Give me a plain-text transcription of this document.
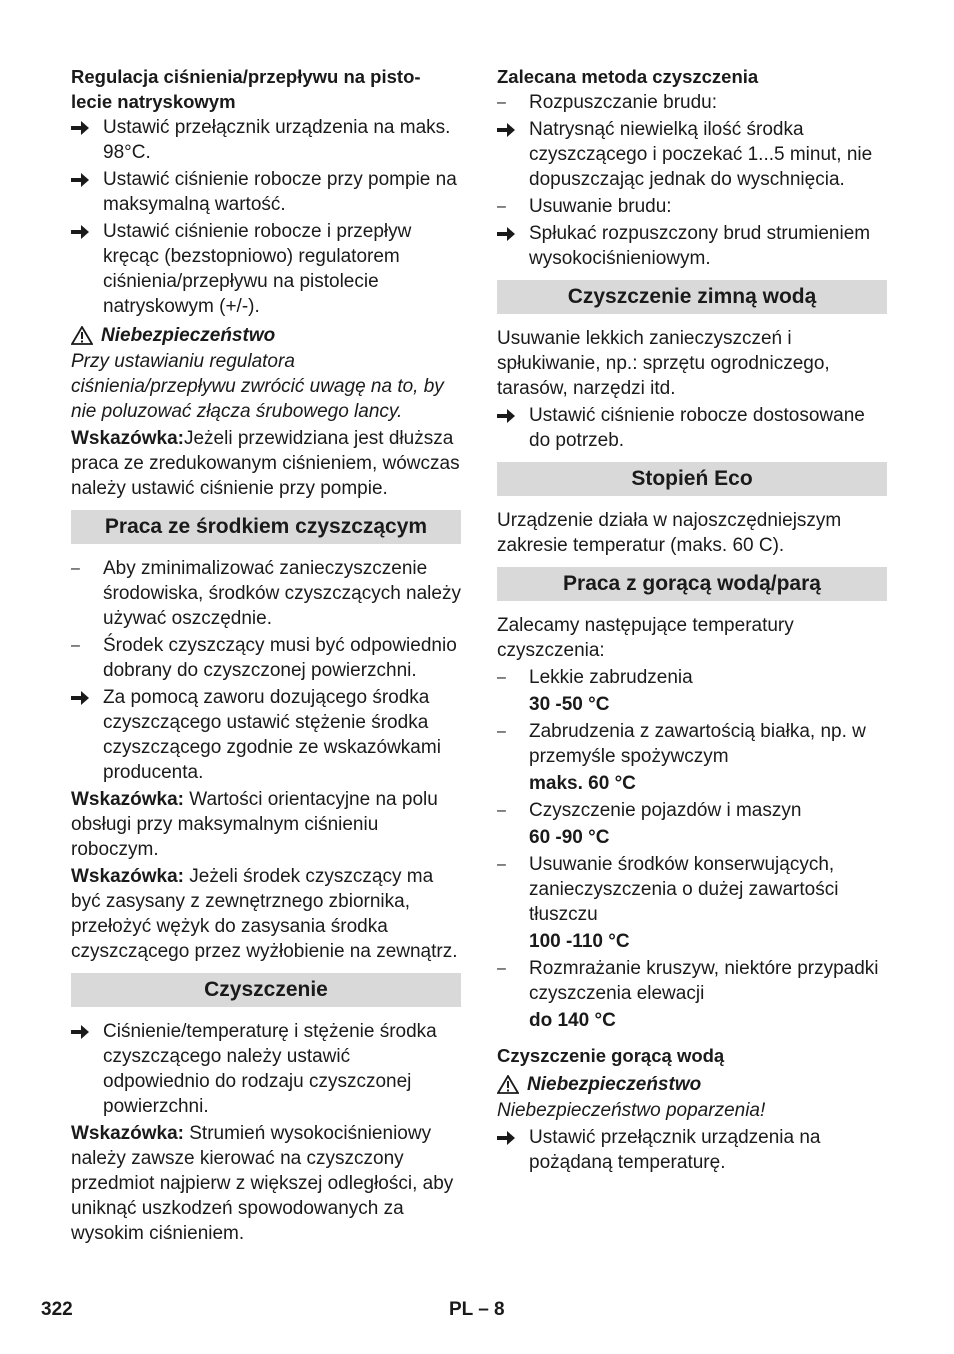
Regulacja ciśnienia/przepływu na pisto-
lecie natryskowym
Ustawić przełącznik urządzenia na maks. 98°C.
Ustawić ciśnienie robocze przy pompie na maksymalną wartość.
Ustawić ciśnienie robocze i przepływ kręcąc (bezstopniowo) regulatorem ciśnienia/przepływu na pistolecie natryskowym (+/-).
Niebezpieczeństwo

Przy ustawianiu regulatora ciśnienia/przepływu zwrócić uwagę na to, by nie poluzować złącza śrubowego lancy.

Wskazówka:Jeżeli przewidziana jest dłuższa praca ze zredukowanym ciśnieniem, wówczas należy ustawić ciśnienie przy pompie.

Praca ze środkiem czyszczącym
–	Aby zminimalizować zanieczyszczenie środowiska, środków czyszczących należy używać oszczędnie.
–	Środek czyszczący musi być odpowiednio dobrany do czyszczonej powierzchni.
Za pomocą zaworu dozującego środka czyszczącego ustawić stężenie środka czyszczącego zgodnie ze wskazówkami producenta.

Wskazówka: Wartości orientacyjne na polu obsługi przy maksymalnym ciśnieniu roboczym.

Wskazówka: Jeżeli środek czyszczący ma być zasysany z zewnętrznego zbiornika, przełożyć wężyk do zasysania środka czyszczącego przez wyżłobienie na zewnątrz.

Czyszczenie
Ciśnienie/temperaturę i stężenie środka czyszczącego należy ustawić odpowiednio do rodzaju czyszczonej powierzchni.

Wskazówka: Strumień wysokociśnieniowy należy zawsze kierować na czyszczony przedmiot najpierw z większej odległości, aby uniknąć uszkodzeń spowodowanych za wysokim ciśnieniem.

Zalecana metoda czyszczenia
–	Rozpuszczanie brudu:
Natrysnąć niewielką ilość środka czyszczącego i poczekać 1...5 minut, nie dopuszczając jednak do wyschnięcia.
–	Usuwanie brudu:
Spłukać rozpuszczony brud strumieniem wysokociśnieniowym.
Czyszczenie zimną wodą

Usuwanie lekkich zanieczyszczeń i spłukiwanie, np.: sprzętu ogrodniczego, tarasów, narzędzi itd.

Ustawić ciśnienie robocze dostosowane do potrzeb.
Stopień Eco

Urządzenie działa w najoszczędniejszym zakresie temperatur (maks. 60 C).

Praca z gorącą wodą/parą

Zalecamy następujące temperatury czyszczenia:

–	Lekkie zabrudzenia
30 -50 °C
–	Zabrudzenia z zawartością białka, np. w przemyśle spożywczym
maks. 60 °C
–	Czyszczenie pojazdów i maszyn
60 -90 °C
–	Usuwanie środków konserwujących, zanieczyszczenia o dużej zawartości tłuszczu
100 -110 °C
–	Rozmrażanie kruszyw, niektóre przypadki czyszczenia elewacji
do 140 °C
Czyszczenie gorącą wodą
Niebezpieczeństwo

Niebezpieczeństwo poparzenia!

Ustawić przełącznik urządzenia na pożądaną temperaturę.
322	PL – 8
